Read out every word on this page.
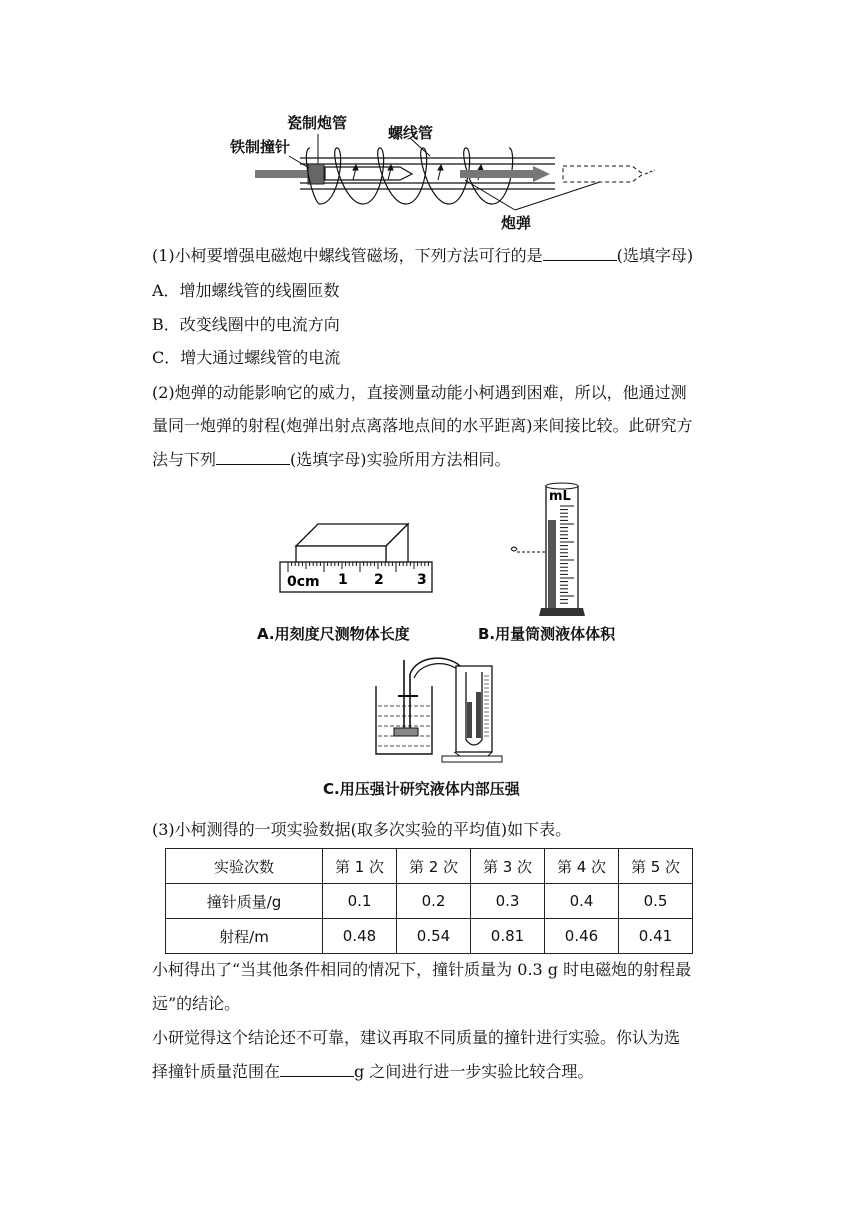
瓷制炮管
铁制撞针
螺线管
炮弹
(1)小柯要增强电磁炮中螺线管磁场，下列方法可行的是	(选填字母)
A．增加螺线管的线圈匝数
B．改变线圈中的电流方向
C．增大通过螺线管的电流
(2)炮弹的动能影响它的威力，直接测量动能小柯遇到困难，所以，他通过测
量同一炮弹的射程(炮弹出射点离落地点间的水平距离)来间接比较。此研究方
法与下列	(选填字母)实验所用方法相同。
0cm 1 2 3
A.用刻度尺测物体长度
mL
B.用量筒测液体体积
C.用压强计研究液体内部压强
(3)小柯测得的一项实验数据(取多次实验的平均值)如下表。
实验次数	第 1 次	第 2 次	第 3 次	第 4 次	第 5 次
撞针质量/g	0.1	0.2	0.3	0.4	0.5
射程/m	0.48	0.54	0.81	0.46	0.41
小柯得出了“当其他条件相同的情况下，撞针质量为 0.3 g 时电磁炮的射程最
远”的结论。
小研觉得这个结论还不可靠，建议再取不同质量的撞针进行实验。你认为选
择撞针质量范围在	g 之间进行进一步实验比较合理。
